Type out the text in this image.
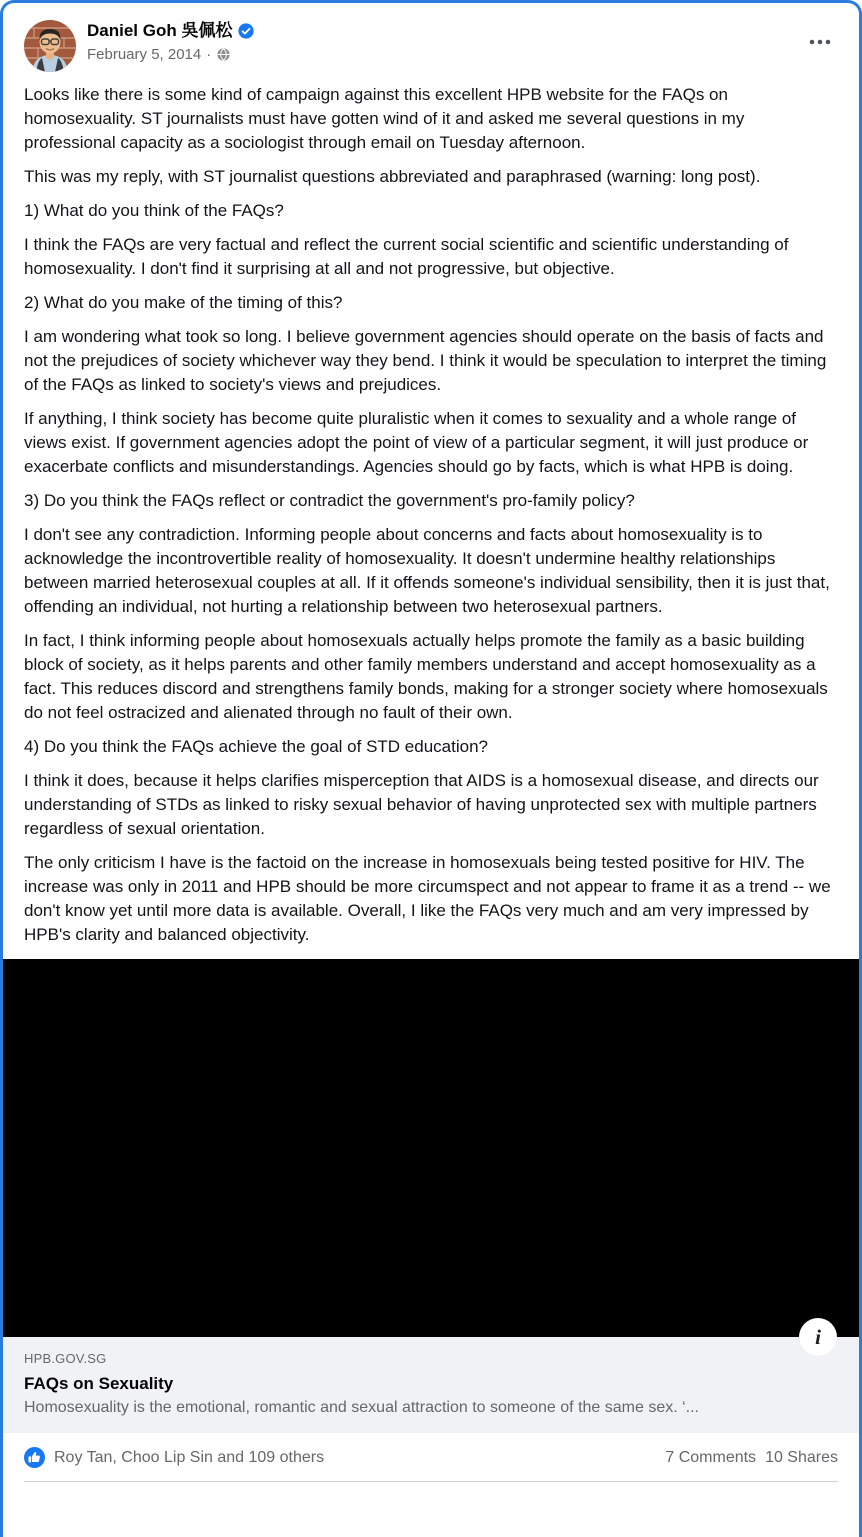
Daniel Goh 吳佩松
February 5, 2014 ·

Looks like there is some kind of campaign against this excellent HPB website for the FAQs on homosexuality. ST journalists must have gotten wind of it and asked me several questions in my professional capacity as a sociologist through email on Tuesday afternoon.

This was my reply, with ST journalist questions abbreviated and paraphrased (warning: long post).

1) What do you think of the FAQs?

I think the FAQs are very factual and reflect the current social scientific and scientific understanding of homosexuality. I don't find it surprising at all and not progressive, but objective.

2) What do you make of the timing of this?

I am wondering what took so long. I believe government agencies should operate on the basis of facts and not the prejudices of society whichever way they bend. I think it would be speculation to interpret the timing of the FAQs as linked to society's views and prejudices.

If anything, I think society has become quite pluralistic when it comes to sexuality and a whole range of views exist. If government agencies adopt the point of view of a particular segment, it will just produce or exacerbate conflicts and misunderstandings. Agencies should go by facts, which is what HPB is doing.

3) Do you think the FAQs reflect or contradict the government's pro-family policy?

I don't see any contradiction. Informing people about concerns and facts about homosexuality is to acknowledge the incontrovertible reality of homosexuality. It doesn't undermine healthy relationships between married heterosexual couples at all. If it offends someone's individual sensibility, then it is just that, offending an individual, not hurting a relationship between two heterosexual partners.

In fact, I think informing people about homosexuals actually helps promote the family as a basic building block of society, as it helps parents and other family members understand and accept homosexuality as a fact. This reduces discord and strengthens family bonds, making for a stronger society where homosexuals do not feel ostracized and alienated through no fault of their own.

4) Do you think the FAQs achieve the goal of STD education?

I think it does, because it helps clarifies misperception that AIDS is a homosexual disease, and directs our understanding of STDs as linked to risky sexual behavior of having unprotected sex with multiple partners regardless of sexual orientation.

The only criticism I have is the factoid on the increase in homosexuals being tested positive for HIV. The increase was only in 2011 and HPB should be more circumspect and not appear to frame it as a trend -- we don't know yet until more data is available. Overall, I like the FAQs very much and am very impressed by HPB's clarity and balanced objectivity.

i
HPB.GOV.SG
FAQs on Sexuality
Homosexuality is the emotional, romantic and sexual attraction to someone of the same sex. ‘...
Roy Tan, Choo Lip Sin and 109 others	7 Comments 10 Shares
